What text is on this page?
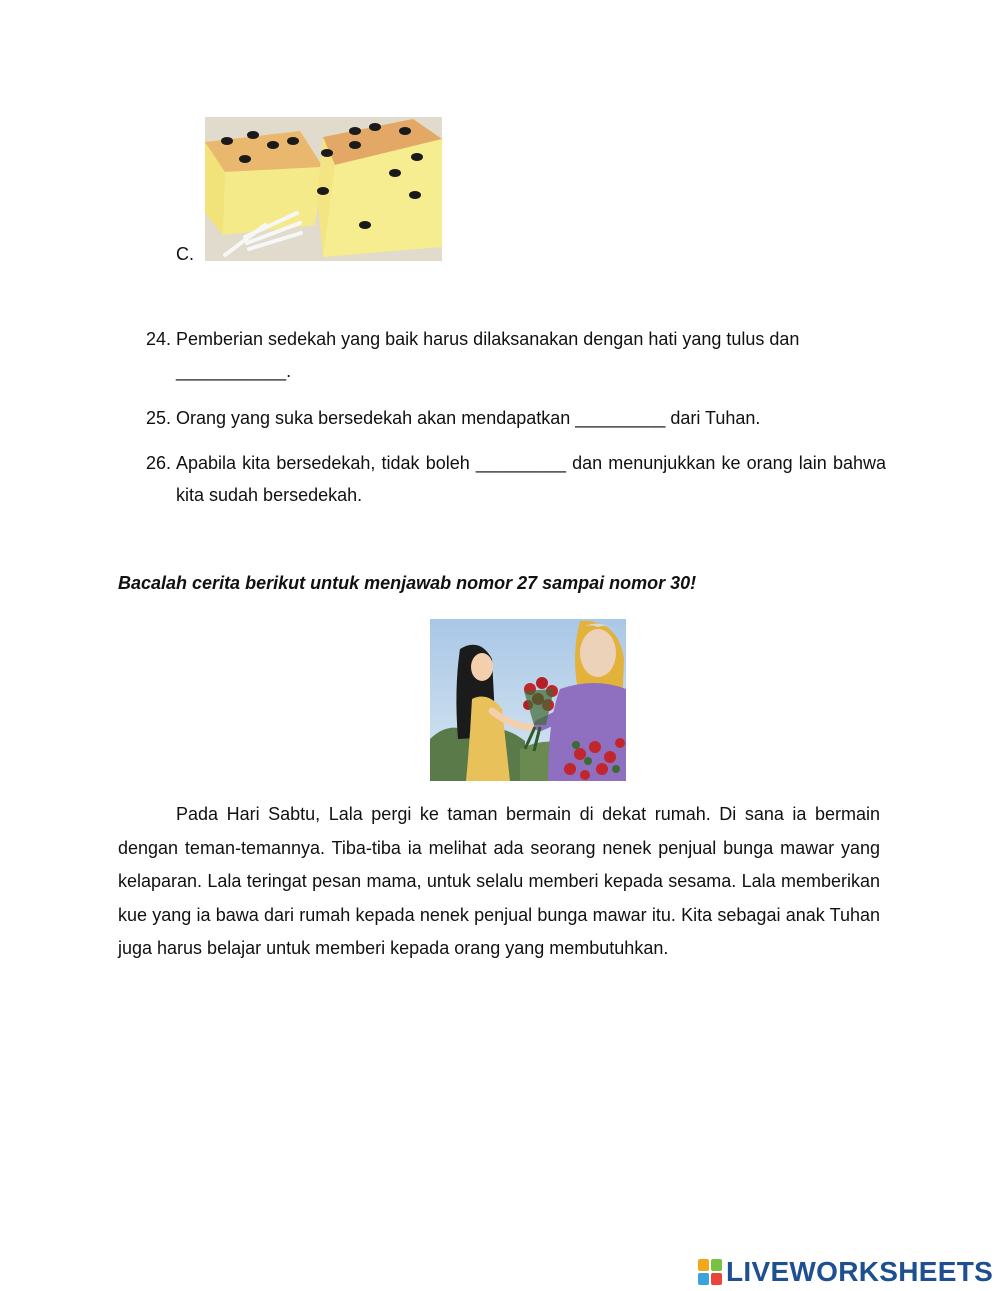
C.
24. Pemberian sedekah yang baik harus dilaksanakan dengan hati yang tulus dan
___________.
25. Orang yang suka bersedekah akan mendapatkan _________ dari Tuhan.
26. Apabila kita bersedekah, tidak boleh _________ dan menunjukkan ke orang lain bahwa kita sudah bersedekah.
Bacalah cerita berikut untuk menjawab nomor 27 sampai nomor 30!
Pada Hari Sabtu, Lala pergi ke taman bermain di dekat rumah. Di sana ia bermain dengan teman-temannya. Tiba-tiba ia melihat ada seorang nenek penjual bunga mawar yang kelaparan. Lala teringat pesan mama, untuk selalu memberi kepada sesama. Lala memberikan kue yang ia bawa dari rumah kepada nenek penjual bunga mawar itu. Kita sebagai anak Tuhan juga harus belajar untuk memberi kepada orang yang membutuhkan.
LIVEWORKSHEETS
